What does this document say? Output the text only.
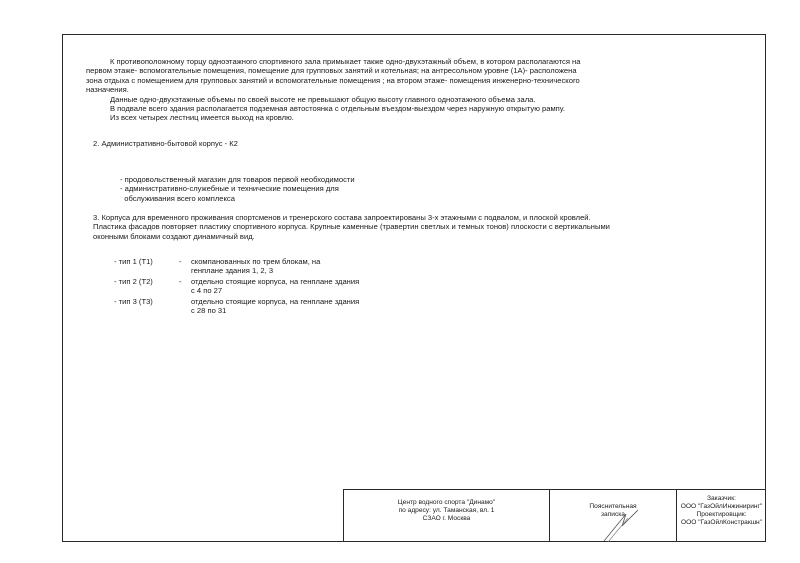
К противоположному торцу одноэтажного спортивного зала примыкает также одно-двухэтажный объем, в котором располагаются на
первом этаже- вспомогательные помещения, помещение для групповых занятий и котельная; на антресольном уровне (1А)- расположена
зона отдыха с помещением для групповых занятий и вспомогательные помещения ; на втором этаже- помещения инженерно-технического
назначения.
Данные одно-двухэтажные объемы по своей высоте не превышают общую высоту главного одноэтажного объема зала.
В подвале всего здания располагается подземная автостоянка с отдельным въездом-выездом через наружную открытую рампу.
Из всех четырех лестниц имеется выход на кровлю.
2. Административно-бытовой корпус - К2
- продовольственный магазин для товаров первой необходимости
- административно-служебные и технические помещения для
обслуживания всего комплекса
3. Корпуса для временного проживания спортсменов и тренерского состава запроектированы 3-х этажными с подвалом, и плоской кровлей.
Пластика фасадов повторяет пластику спортивного корпуса. Крупные каменные (травертин светлых и темных тонов) плоскости с вертикальными
оконными блоками создают динамичный вид.
- тип 1 (Т1)	- скомпанованных по трем блокам, на
генплане здания 1, 2, 3
- тип 2 (Т2)	- отдельно стоящие корпуса, на генплане здания
с 4 по 27
- тип 3 (Т3)	отдельно стоящие корпуса, на генплане здания
с 28 по 31
Центр водного спорта "Динамо"
по адресу: ул. Таманская, вл. 1
СЗАО г. Москва
Пояснительная
записка
Заказчик:
ООО "ГазОйлИнжиниринг"
Проектировщик:
ООО "ГазОйлКонстракшн"
